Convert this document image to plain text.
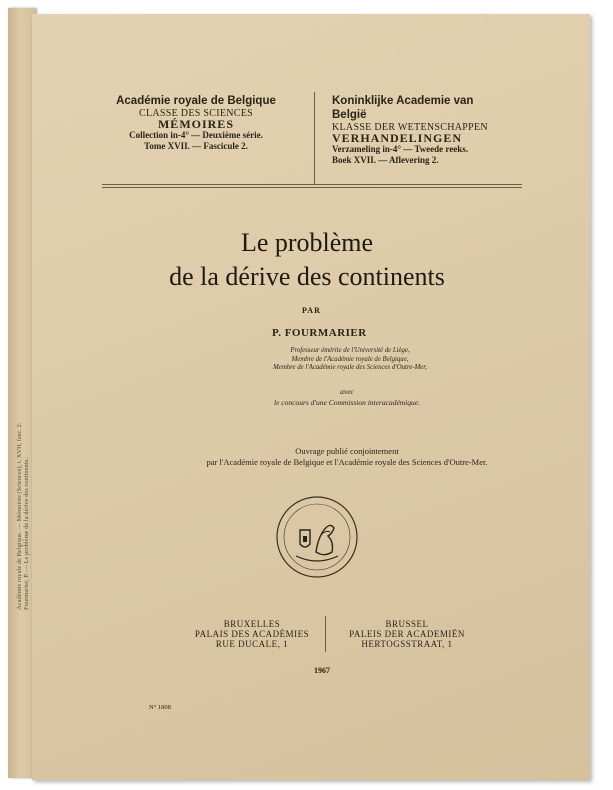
Académie royale de Belgique. — Mémoires (Sciences), t. XVII, fasc. 2. Fourmarier, P. — Le problème de la dérive des continents.
Académie royale de Belgique
CLASSE DES SCIENCES
MÉMOIRES
Collection in-4° — Deuxième série.
Tome XVII. — Fascicule 2.
Koninklijke Academie van België
KLASSE DER WETENSCHAPPEN
VERHANDELINGEN
Verzameling in-4° — Tweede reeks.
Boek XVII. — Aflevering 2.
Le problème
de la dérive des continents
PAR
P. FOURMARIER
Professeur émérite de l'Université de Liège,
Membre de l'Académie royale de Belgique,
Membre de l'Académie royale des Sciences d'Outre-Mer,
avec
le concours d'une Commission interacadémique.
Ouvrage publié conjointement
par l'Académie royale de Belgique et l'Académie royale des Sciences d'Outre-Mer.
BRUXELLES
PALAIS DES ACADÉMIES
RUE DUCALE, 1
BRUSSEL
PALEIS DER ACADEMIËN
HERTOGSSTRAAT, 1
1967
N° 1808
